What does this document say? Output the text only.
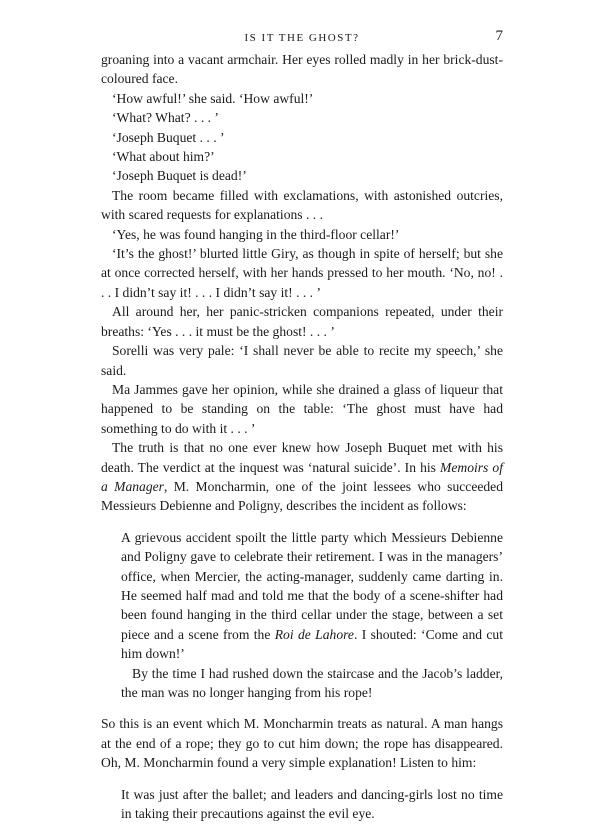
IS IT THE GHOST?	7

groaning into a vacant armchair. Her eyes rolled madly in her brick-dust-coloured face.

‘How awful!’ she said. ‘How awful!’

‘What? What? . . . ’

‘Joseph Buquet . . . ’

‘What about him?’

‘Joseph Buquet is dead!’

The room became filled with exclamations, with astonished outcries, with scared requests for explanations . . .

‘Yes, he was found hanging in the third-floor cellar!’

‘It’s the ghost!’ blurted little Giry, as though in spite of herself; but she at once corrected herself, with her hands pressed to her mouth. ‘No, no! . . . I didn’t say it! . . . I didn’t say it! . . . ’

All around her, her panic-stricken companions repeated, under their breaths: ‘Yes . . . it must be the ghost! . . . ’

Sorelli was very pale: ‘I shall never be able to recite my speech,’ she said.

Ma Jammes gave her opinion, while she drained a glass of liqueur that happened to be standing on the table: ‘The ghost must have had something to do with it . . . ’

The truth is that no one ever knew how Joseph Buquet met with his death. The verdict at the inquest was ‘natural suicide’. In his Memoirs of a Manager, M. Moncharmin, one of the joint lessees who succeeded Messieurs Debienne and Poligny, describes the incident as follows:

A grievous accident spoilt the little party which Messieurs Debienne and Poligny gave to celebrate their retirement. I was in the managers’ office, when Mercier, the acting-manager, suddenly came darting in. He seemed half mad and told me that the body of a scene-shifter had been found hanging in the third cellar under the stage, between a set piece and a scene from the Roi de Lahore. I shouted: ‘Come and cut him down!’

By the time I had rushed down the staircase and the Jacob’s ladder, the man was no longer hanging from his rope!

So this is an event which M. Moncharmin treats as natural. A man hangs at the end of a rope; they go to cut him down; the rope has disappeared. Oh, M. Moncharmin found a very simple explanation! Listen to him:

It was just after the ballet; and leaders and dancing-girls lost no time in taking their precautions against the evil eye.
